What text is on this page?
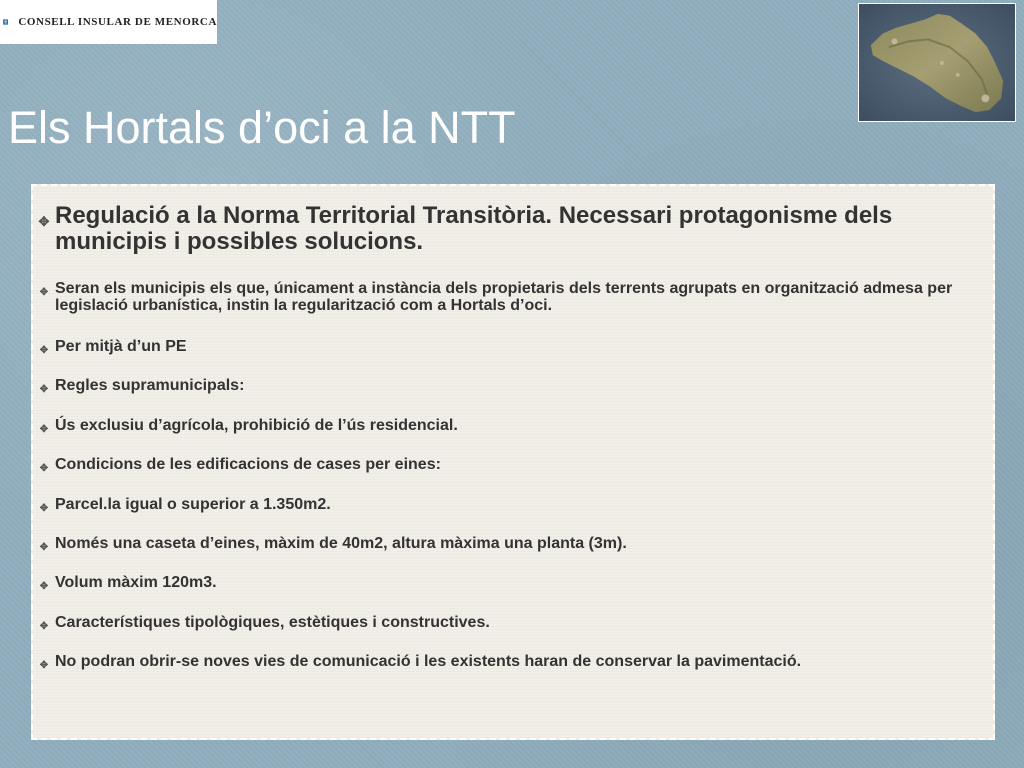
CONSELL INSULAR DE MENORCA
Els Hortals d’oci a la NTT
✥ Regulació a la Norma Territorial Transitòria. Necessari protagonisme dels municipis i possibles solucions.
✥ Seran els municipis els que, únicament a instància dels propietaris dels terrents agrupats en organització admesa per legislació urbanística, instin la regularització com a Hortals d’oci.
✥ Per mitjà d’un PE
✥ Regles supramunicipals:
✥ Ús exclusiu d’agrícola, prohibició de l’ús residencial.
✥ Condicions de les edificacions de cases per eines:
✥ Parcel.la igual o superior a 1.350m2.
✥ Només una caseta d’eines, màxim de 40m2, altura màxima una planta (3m).
✥ Volum màxim 120m3.
✥ Característiques tipològiques, estètiques i constructives.
✥ No podran obrir-se noves vies de comunicació i les existents haran de conservar la pavimentació.
